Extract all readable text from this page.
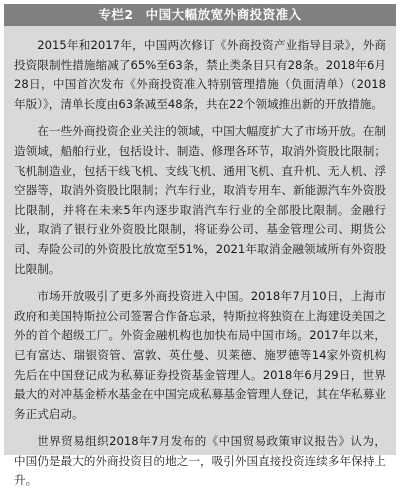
专栏2 中国大幅放宽外商投资准入

2015年和2017年，中国两次修订《外商投资产业指导目录》，外商投资限制性措施缩减了65%至63条，禁止类条目只有28条。2018年6月28日，中国首次发布《外商投资准入特别管理措施（负面清单）（2018年版）》，清单长度由63条减至48条，共在22个领域推出新的开放措施。

在一些外商投资企业关注的领域，中国大幅度扩大了市场开放。在制造领域，船舶行业，包括设计、制造、修理各环节，取消外资股比限制；飞机制造业，包括干线飞机、支线飞机、通用飞机、直升机、无人机、浮空器等，取消外资股比限制；汽车行业，取消专用车、新能源汽车外资股比限制，并将在未来5年内逐步取消汽车行业的全部股比限制。金融行业，取消了银行业外资股比限制，将证券公司、基金管理公司、期货公司、寿险公司的外资股比放宽至51%，2021年取消金融领域所有外资股比限制。

市场开放吸引了更多外商投资进入中国。2018年7月10日，上海市政府和美国特斯拉公司签署合作备忘录，特斯拉将独资在上海建设美国之外的首个超级工厂。外资金融机构也加快布局中国市场。2017年以来，已有富达、瑞银资管、富敦、英仕曼、贝莱德、施罗德等14家外资机构先后在中国登记成为私募证券投资基金管理人。2018年6月29日，世界最大的对冲基金桥水基金在中国完成私募基金管理人登记，其在华私募业务正式启动。

世界贸易组织2018年7月发布的《中国贸易政策审议报告》认为，中国仍是最大的外商投资目的地之一，吸引外国直接投资连续多年保持上升。
